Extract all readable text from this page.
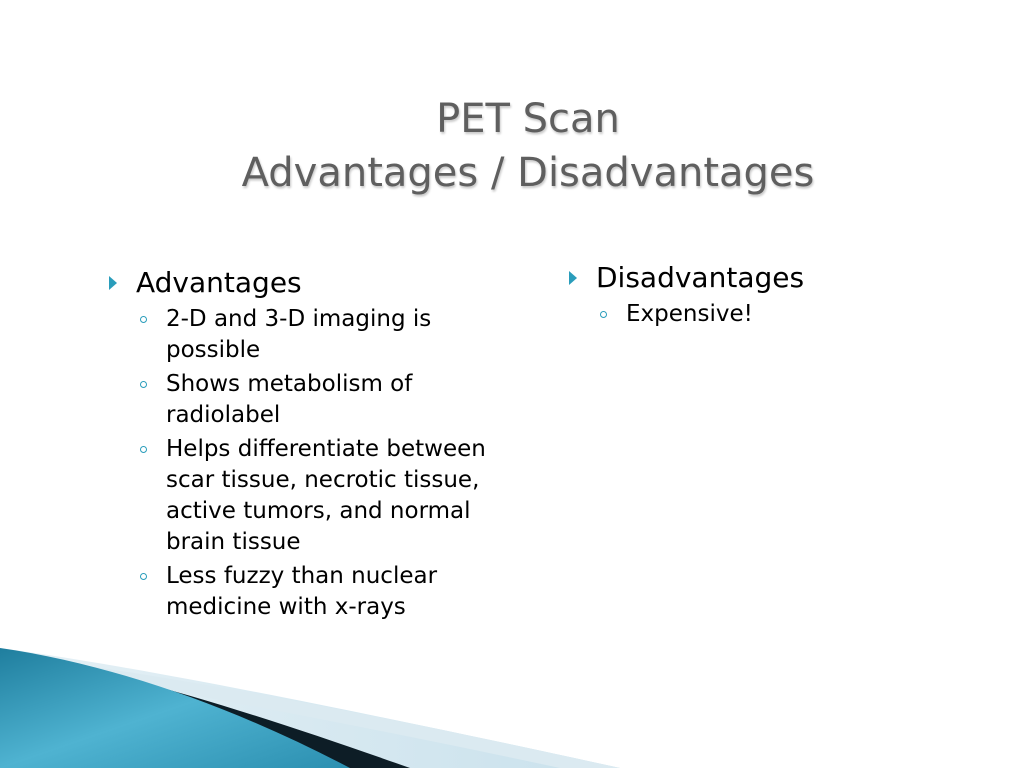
PET Scan
Advantages / Disadvantages
Advantages
2-D and 3-D imaging is possible
Shows metabolism of radiolabel
Helps differentiate between scar tissue, necrotic tissue, active tumors, and normal brain tissue
Less fuzzy than nuclear medicine with x-rays
Disadvantages
Expensive!
